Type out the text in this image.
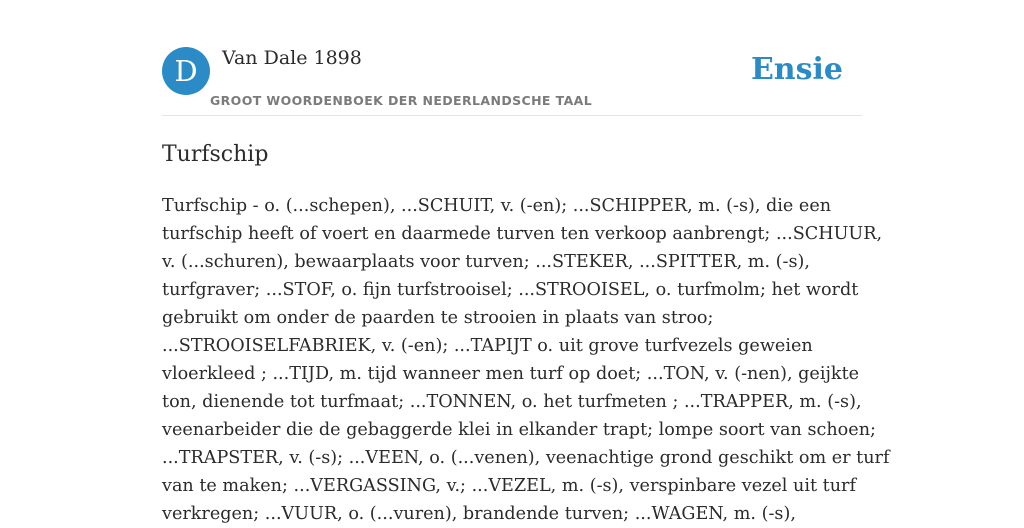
D	Van Dale 1898
GROOT WOORDENBOEK DER NEDERLANDSCHE TAAL
Ensie
Turfschip
Turfschip - o. (...schepen), ...SCHUIT, v. (-en); ...SCHIPPER, m. (-s), die een
turfschip heeft of voert en daarmede turven ten verkoop aanbrengt; ...SCHUUR,
v. (...schuren), bewaarplaats voor turven; ...STEKER, ...SPITTER, m. (-s),
turfgraver; ...STOF, o. fijn turfstrooisel; ...STROOISEL, o. turfmolm; het wordt
gebruikt om onder de paarden te strooien in plaats van stroo;
...STROOISELFABRIEK, v. (-en); ...TAPIJT o. uit grove turfvezels geweien
vloerkleed ; ...TIJD, m. tijd wanneer men turf op doet; ...TON, v. (-nen), geijkte
ton, dienende tot turfmaat; ...TONNEN, o. het turfmeten ; ...TRAPPER, m. (-s),
veenarbeider die de gebaggerde klei in elkander trapt; lompe soort van schoen;
...TRAPSTER, v. (-s); ...VEEN, o. (...venen), veenachtige grond geschikt om er turf
van te maken; ...VERGASSING, v.; ...VEZEL, m. (-s), verspinbare vezel uit turf
verkregen; ...VUUR, o. (...vuren), brandende turven; ...WAGEN, m. (-s),
